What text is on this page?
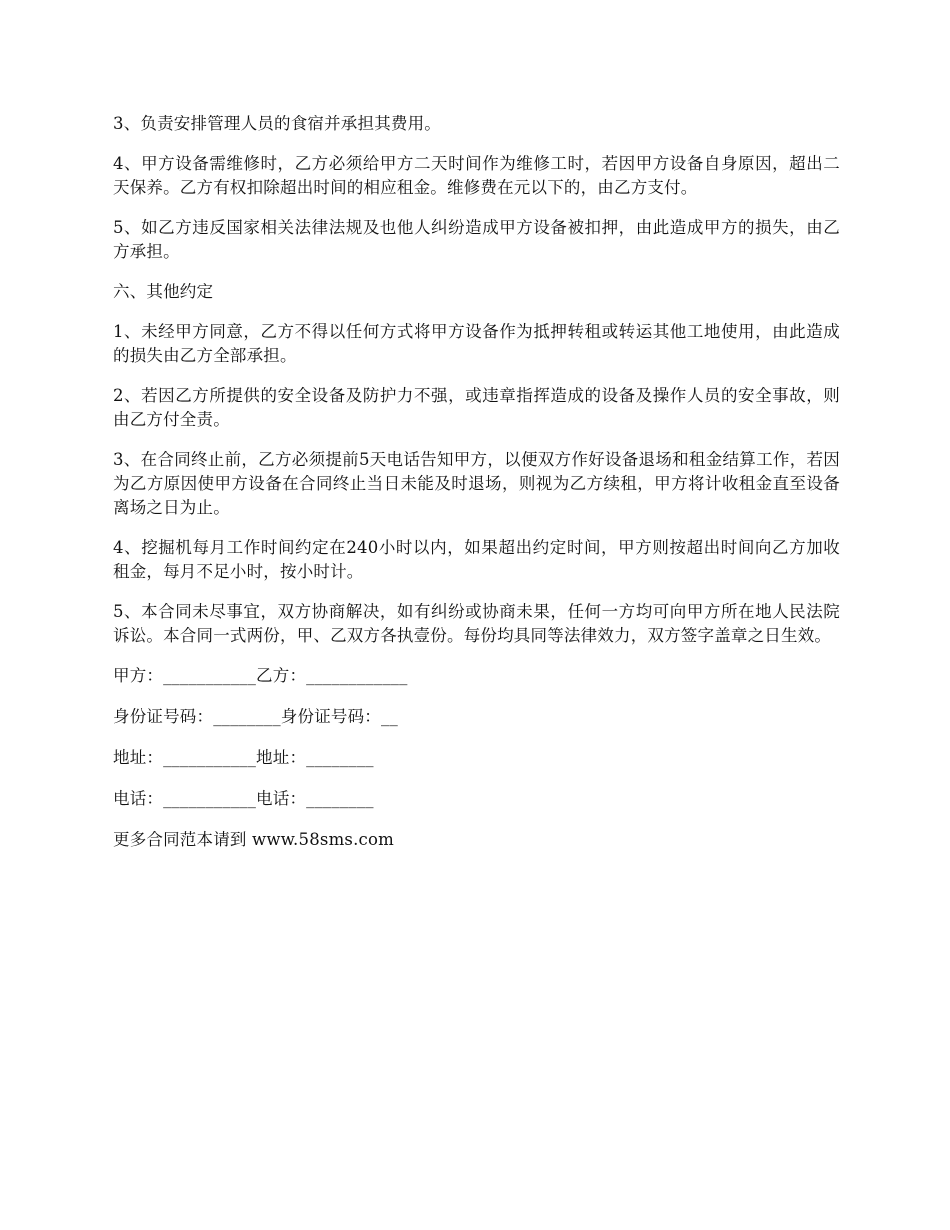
3、负责安排管理人员的食宿并承担其费用。

4、甲方设备需维修时，乙方必须给甲方二天时间作为维修工时，若因甲方设备自身原因，超出二天保养。乙方有权扣除超出时间的相应租金。维修费在元以下的，由乙方支付。

5、如乙方违反国家相关法律法规及也他人纠纷造成甲方设备被扣押，由此造成甲方的损失，由乙方承担。

六、其他约定

1、未经甲方同意，乙方不得以任何方式将甲方设备作为抵押转租或转运其他工地使用，由此造成的损失由乙方全部承担。

2、若因乙方所提供的安全设备及防护力不强，或违章指挥造成的设备及操作人员的安全事故，则由乙方付全责。

3、在合同终止前，乙方必须提前5天电话告知甲方，以便双方作好设备退场和租金结算工作，若因为乙方原因使甲方设备在合同终止当日未能及时退场，则视为乙方续租，甲方将计收租金直至设备离场之日为止。

4、挖掘机每月工作时间约定在240小时以内，如果超出约定时间，甲方则按超出时间向乙方加收租金，每月不足小时，按小时计。

5、本合同未尽事宜，双方协商解决，如有纠纷或协商未果，任何一方均可向甲方所在地人民法院诉讼。本合同一式两份，甲、乙双方各执壹份。每份均具同等法律效力，双方签字盖章之日生效。

甲方：___________乙方：____________

身份证号码：________身份证号码：__

地址：___________地址：________

电话：___________电话：________

更多合同范本请到 www.58sms.com
